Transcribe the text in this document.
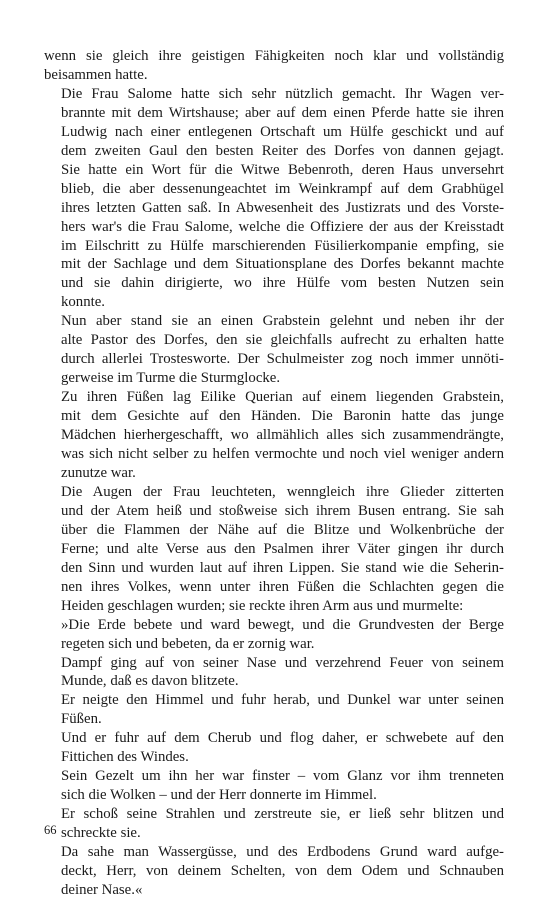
wenn sie gleich ihre geistigen Fähigkeiten noch klar und vollständig
beisammen hatte.

Die Frau Salome hatte sich sehr nützlich gemacht. Ihr Wagen ver-
brannte mit dem Wirtshause; aber auf dem einen Pferde hatte sie ihren
Ludwig nach einer entlegenen Ortschaft um Hülfe geschickt und auf
dem zweiten Gaul den besten Reiter des Dorfes von dannen gejagt.
Sie hatte ein Wort für die Witwe Bebenroth, deren Haus unversehrt
blieb, die aber dessenungeachtet im Weinkrampf auf dem Grabhügel
ihres letzten Gatten saß. In Abwesenheit des Justizrats und des Vorste-
hers war's die Frau Salome, welche die Offiziere der aus der Kreisstadt
im Eilschritt zu Hülfe marschierenden Füsilierkompanie empfing, sie
mit der Sachlage und dem Situationsplane des Dorfes bekannt machte
und sie dahin dirigierte, wo ihre Hülfe vom besten Nutzen sein
konnte.

Nun aber stand sie an einen Grabstein gelehnt und neben ihr der
alte Pastor des Dorfes, den sie gleichfalls aufrecht zu erhalten hatte
durch allerlei Trostesworte. Der Schulmeister zog noch immer unnöti-
gerweise im Turme die Sturmglocke.

Zu ihren Füßen lag Eilike Querian auf einem liegenden Grabstein,
mit dem Gesichte auf den Händen. Die Baronin hatte das junge
Mädchen hierhergeschafft, wo allmählich alles sich zusammendrängte,
was sich nicht selber zu helfen vermochte und noch viel weniger andern
zunutze war.

Die Augen der Frau leuchteten, wenngleich ihre Glieder zitterten
und der Atem heiß und stoßweise sich ihrem Busen entrang. Sie sah
über die Flammen der Nähe auf die Blitze und Wolkenbrüche der
Ferne; und alte Verse aus den Psalmen ihrer Väter gingen ihr durch
den Sinn und wurden laut auf ihren Lippen. Sie stand wie die Seherin-
nen ihres Volkes, wenn unter ihren Füßen die Schlachten gegen die
Heiden geschlagen wurden; sie reckte ihren Arm aus und murmelte:

»Die Erde bebete und ward bewegt, und die Grundvesten der Berge
regeten sich und bebeten, da er zornig war.

Dampf ging auf von seiner Nase und verzehrend Feuer von seinem
Munde, daß es davon blitzete.

Er neigte den Himmel und fuhr herab, und Dunkel war unter seinen
Füßen.

Und er fuhr auf dem Cherub und flog daher, er schwebete auf den
Fittichen des Windes.

Sein Gezelt um ihn her war finster – vom Glanz vor ihm trenneten
sich die Wolken – und der Herr donnerte im Himmel.

Er schoß seine Strahlen und zerstreute sie, er ließ sehr blitzen und
schreckte sie.

Da sahe man Wassergüsse, und des Erdbodens Grund ward aufge-
deckt, Herr, von deinem Schelten, von dem Odem und Schnauben
deiner Nase.«

66
